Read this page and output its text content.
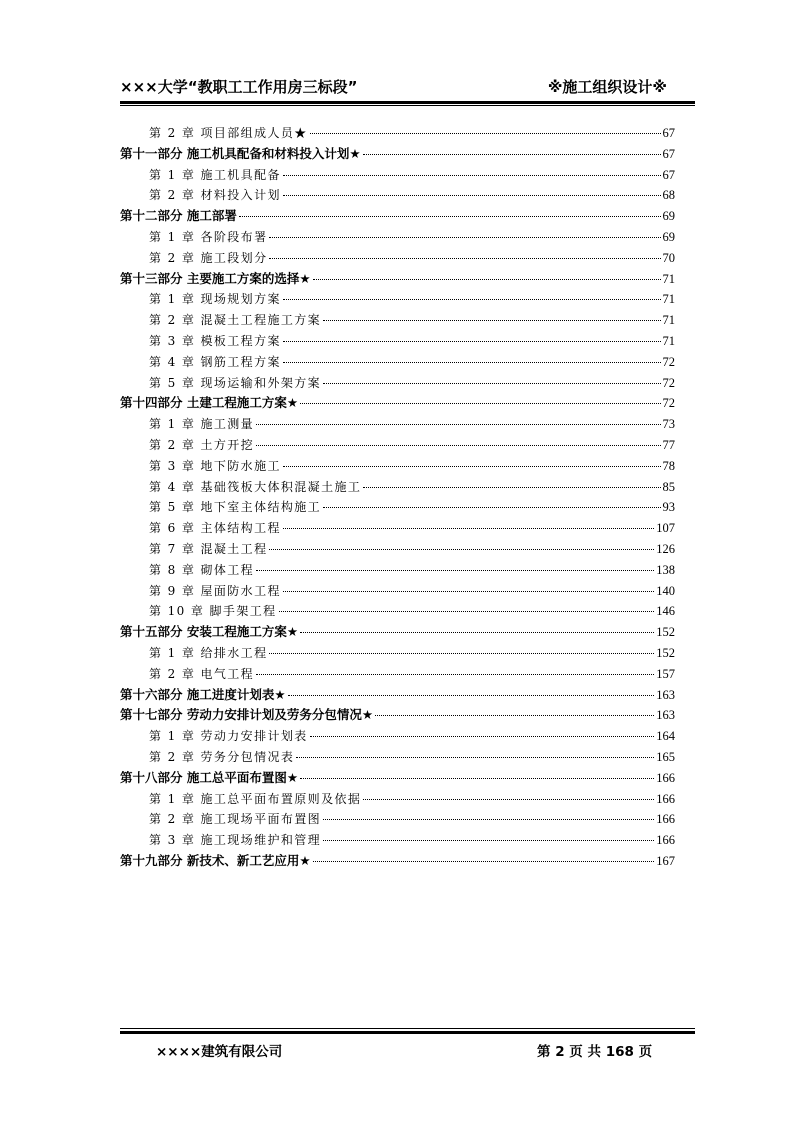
×××大学“教职工工作用房三标段”	※施工组织设计※
第 2 章 项目部组成人员★	67
第十一部分 施工机具配备和材料投入计划★	67
第 1 章 施工机具配备	67
第 2 章 材料投入计划	68
第十二部分 施工部署	69
第 1 章 各阶段布署	69
第 2 章 施工段划分	70
第十三部分 主要施工方案的选择★	71
第 1 章 现场规划方案	71
第 2 章 混凝土工程施工方案	71
第 3 章 模板工程方案	71
第 4 章 钢筋工程方案	72
第 5 章 现场运输和外架方案	72
第十四部分 土建工程施工方案★	72
第 1 章 施工测量	73
第 2 章 土方开挖	77
第 3 章 地下防水施工	78
第 4 章 基础筏板大体积混凝土施工	85
第 5 章 地下室主体结构施工	93
第 6 章 主体结构工程	107
第 7 章 混凝土工程	126
第 8 章 砌体工程	138
第 9 章 屋面防水工程	140
第 10 章 脚手架工程	146
第十五部分 安装工程施工方案★	152
第 1 章 给排水工程	152
第 2 章 电气工程	157
第十六部分 施工进度计划表★	163
第十七部分 劳动力安排计划及劳务分包情况★	163
第 1 章 劳动力安排计划表	164
第 2 章 劳务分包情况表	165
第十八部分 施工总平面布置图★	166
第 1 章 施工总平面布置原则及依据	166
第 2 章 施工现场平面布置图	166
第 3 章 施工现场维护和管理	166
第十九部分 新技术、新工艺应用★	167
××××建筑有限公司	第 2 页 共 168 页
